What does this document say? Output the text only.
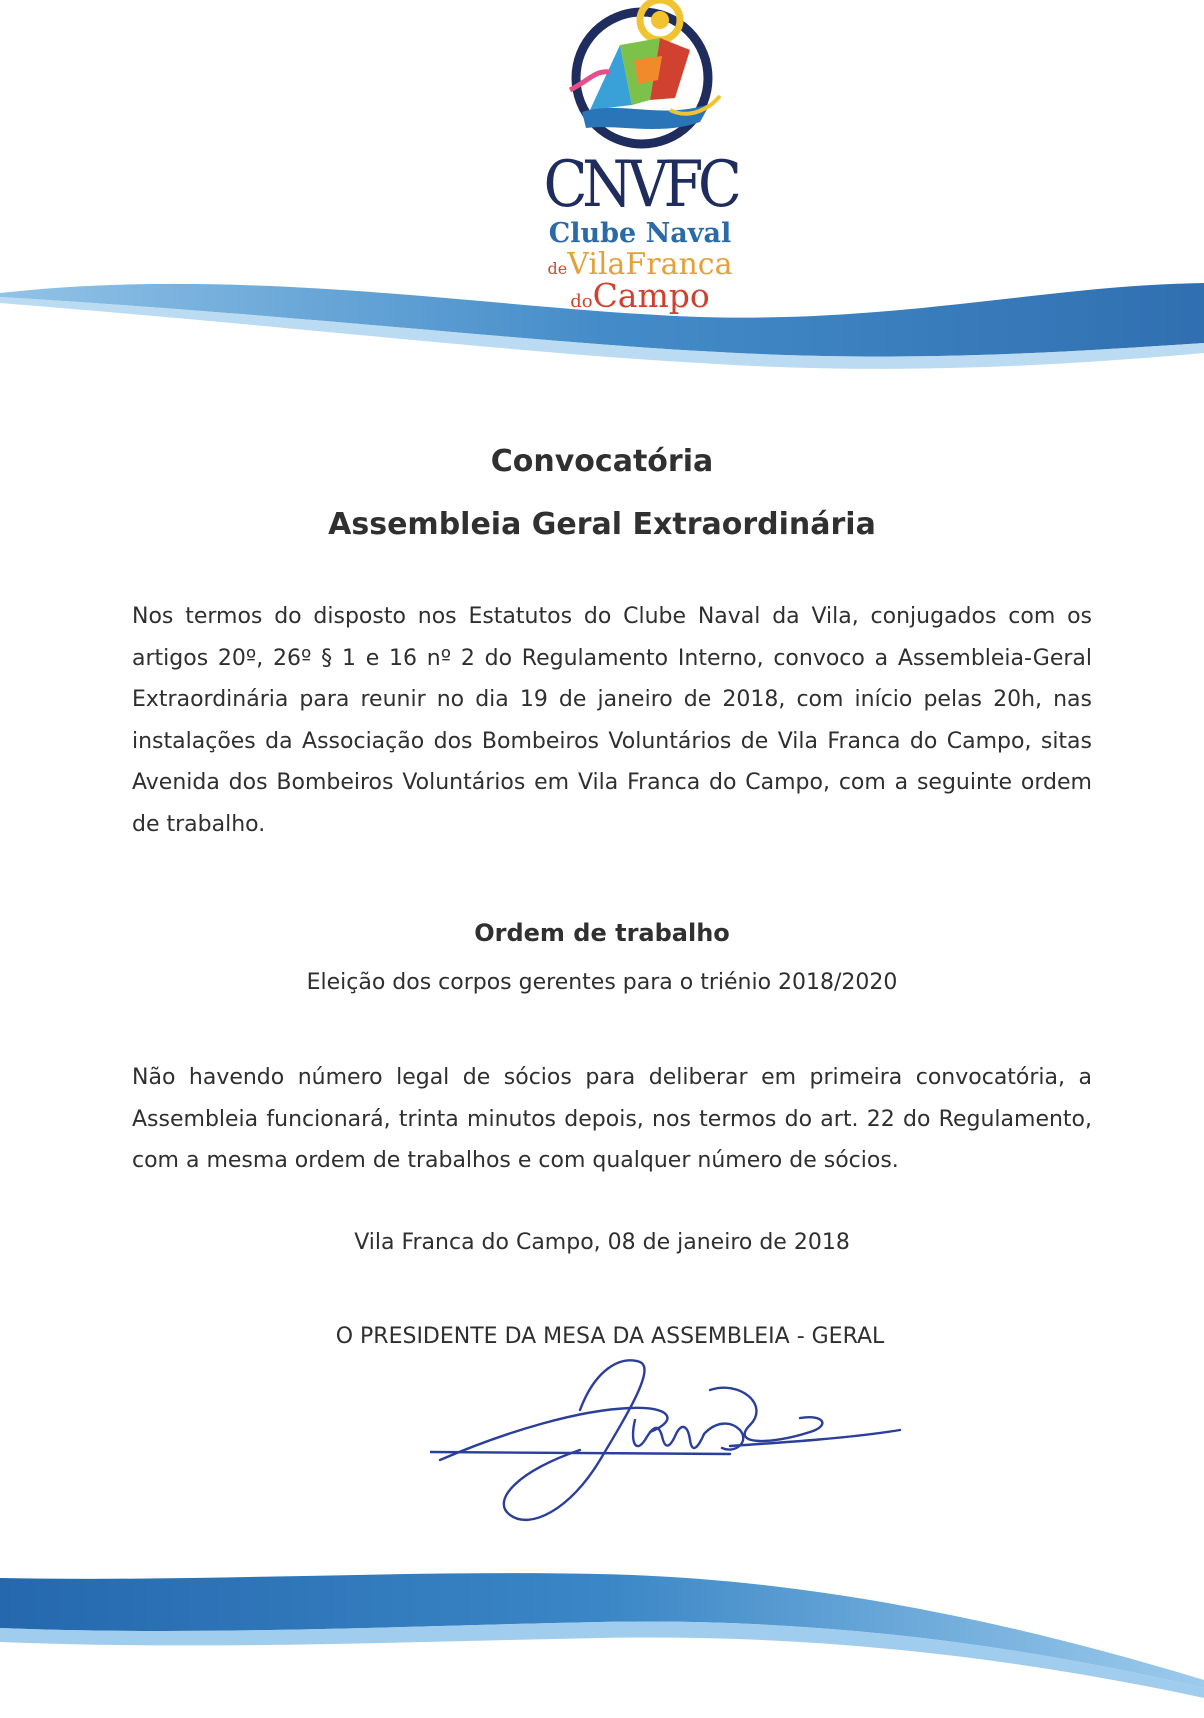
CNVFC
Clube Naval
deVilaFranca
doCampo
Convocatória
Assembleia Geral Extraordinária

Nos termos do disposto nos Estatutos do Clube Naval da Vila, conjugados com os artigos 20º, 26º § 1 e 16 nº 2 do Regulamento Interno, convoco a Assembleia-Geral Extraordinária para reunir no dia 19 de janeiro de 2018, com início pelas 20h, nas instalações da Associação dos Bombeiros Voluntários de Vila Franca do Campo, sitas Avenida dos Bombeiros Voluntários em Vila Franca do Campo, com a seguinte ordem de trabalho.

Ordem de trabalho
Eleição dos corpos gerentes para o triénio 2018/2020

Não havendo número legal de sócios para deliberar em primeira convocatória, a Assembleia funcionará, trinta minutos depois, nos termos do art. 22 do Regulamento, com a mesma ordem de trabalhos e com qualquer número de sócios.

Vila Franca do Campo, 08 de janeiro de 2018
O PRESIDENTE DA MESA DA ASSEMBLEIA - GERAL
